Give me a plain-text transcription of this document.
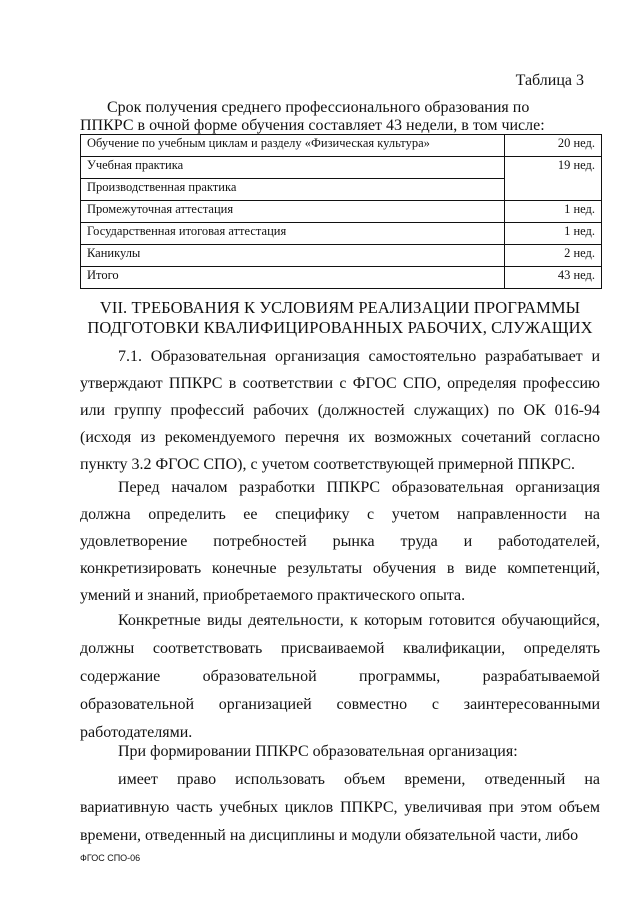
Таблица 3
Срок получения среднего профессионального образования по ППКРС в очной форме обучения составляет 43 недели, в том числе:
Обучение по учебным циклам и разделу «Физическая культура»	20 нед.
Учебная практика	19 нед.
Производственная практика	
Промежуточная аттестация	1 нед.
Государственная итоговая аттестация	1 нед.
Каникулы	2 нед.
Итого	43 нед.
VII. ТРЕБОВАНИЯ К УСЛОВИЯМ РЕАЛИЗАЦИИ ПРОГРАММЫ ПОДГОТОВКИ КВАЛИФИЦИРОВАННЫХ РАБОЧИХ, СЛУЖАЩИХ
7.1. Образовательная организация самостоятельно разрабатывает и утверждают ППКРС в соответствии с ФГОС СПО, определяя профессию или группу профессий рабочих (должностей служащих) по ОК 016-94 (исходя из рекомендуемого перечня их возможных сочетаний согласно пункту 3.2 ФГОС СПО), с учетом соответствующей примерной ППКРС.
Перед началом разработки ППКРС образовательная организация должна определить ее специфику с учетом направленности на удовлетворение потребностей рынка труда и работодателей, конкретизировать конечные результаты обучения в виде компетенций, умений и знаний, приобретаемого практического опыта.
Конкретные виды деятельности, к которым готовится обучающийся, должны соответствовать присваиваемой квалификации, определять содержание образовательной программы, разрабатываемой образовательной организацией совместно с заинтересованными работодателями.
При формировании ППКРС образовательная организация:
имеет право использовать объем времени, отведенный на вариативную часть учебных циклов ППКРС, увеличивая при этом объем времени, отведенный на дисциплины и модули обязательной части, либо
ФГОС СПО-06
